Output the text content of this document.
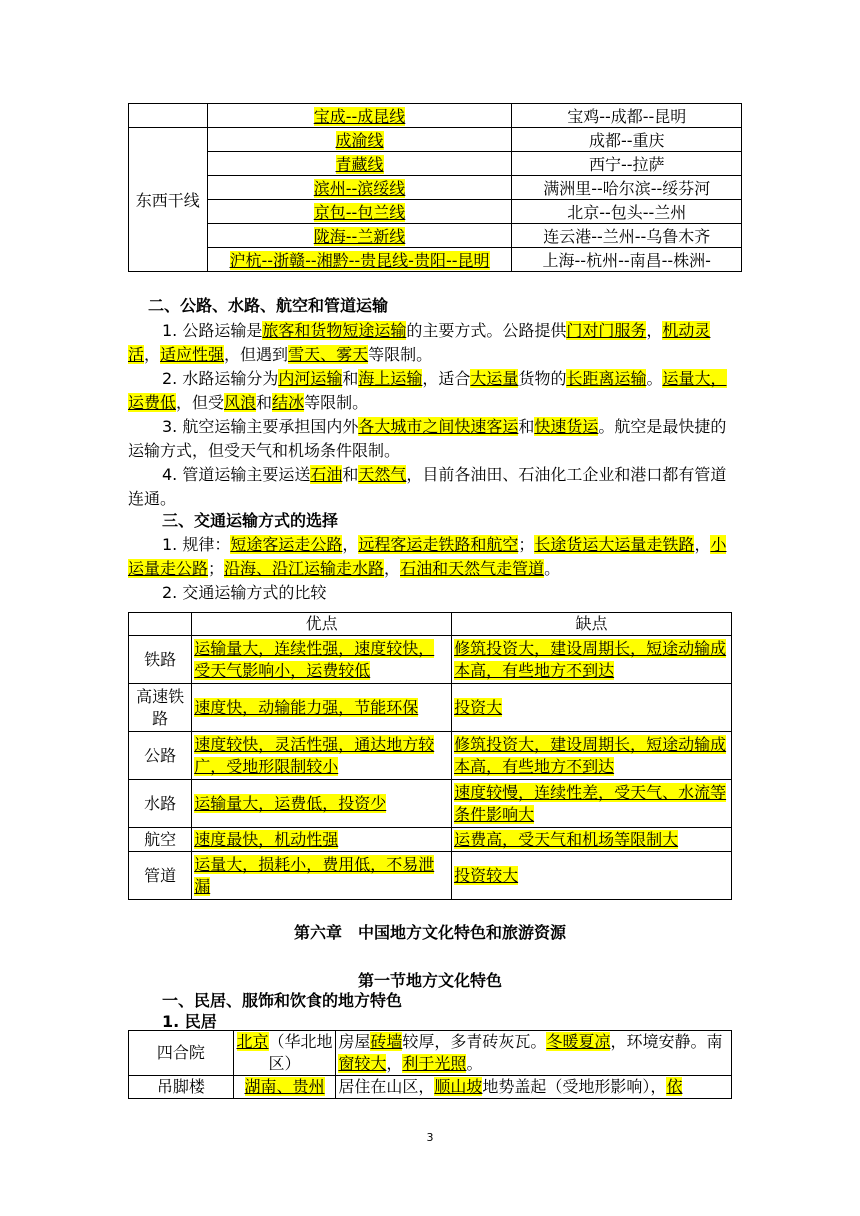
	宝成--成昆线	宝鸡--成都--昆明
东西干线	成渝线	成都--重庆
	青藏线	西宁--拉萨
	滨州--滨绥线	满洲里--哈尔滨--绥芬河
	京包--包兰线	北京--包头--兰州
	陇海--兰新线	连云港--兰州--乌鲁木齐
	沪杭--浙赣--湘黔--贵昆线-贵阳--昆明	上海--杭州--南昌--株洲-
二、公路、水路、航空和管道运输
1. 公路运输是旅客和货物短途运输的主要方式。公路提供门对门服务，机动灵活，适应性强，但遇到雪天、雾天等限制。
2. 水路运输分为内河运输和海上运输，适合大运量货物的长距离运输。运量大，运费低，但受风浪和结冰等限制。
3. 航空运输主要承担国内外各大城市之间快速客运和快速货运。航空是最快捷的运输方式，但受天气和机场条件限制。
4. 管道运输主要运送石油和天然气，目前各油田、石油化工企业和港口都有管道连通。
三、交通运输方式的选择
1. 规律：短途客运走公路，远程客运走铁路和航空；长途货运大运量走铁路，小运量走公路；沿海、沿江运输走水路，石油和天然气走管道。
2. 交通运输方式的比较
	优点	缺点
铁路	运输量大，连续性强，速度较快，受天气影响小，运费较低	修筑投资大，建设周期长，短途动输成本高，有些地方不到达
高速铁路	速度快，动输能力强，节能环保	投资大
公路	速度较快，灵活性强，通达地方较广，受地形限制较小	修筑投资大，建设周期长，短途动输成本高，有些地方不到达
水路	运输量大，运费低，投资少	速度较慢，连续性差，受天气、水流等条件影响大
航空	速度最快，机动性强	运费高，受天气和机场等限制大
管道	运量大，损耗小，费用低，不易泄漏	投资较大
第六章　中国地方文化特色和旅游资源
第一节地方文化特色
一、民居、服饰和饮食的地方特色
1. 民居
四合院	北京（华北地区）	房屋砖墙较厚，多青砖灰瓦。冬暖夏凉，环境安静。南窗较大，利于光照。
吊脚楼	湖南、贵州	居住在山区，顺山坡地势盖起（受地形影响），依
3
